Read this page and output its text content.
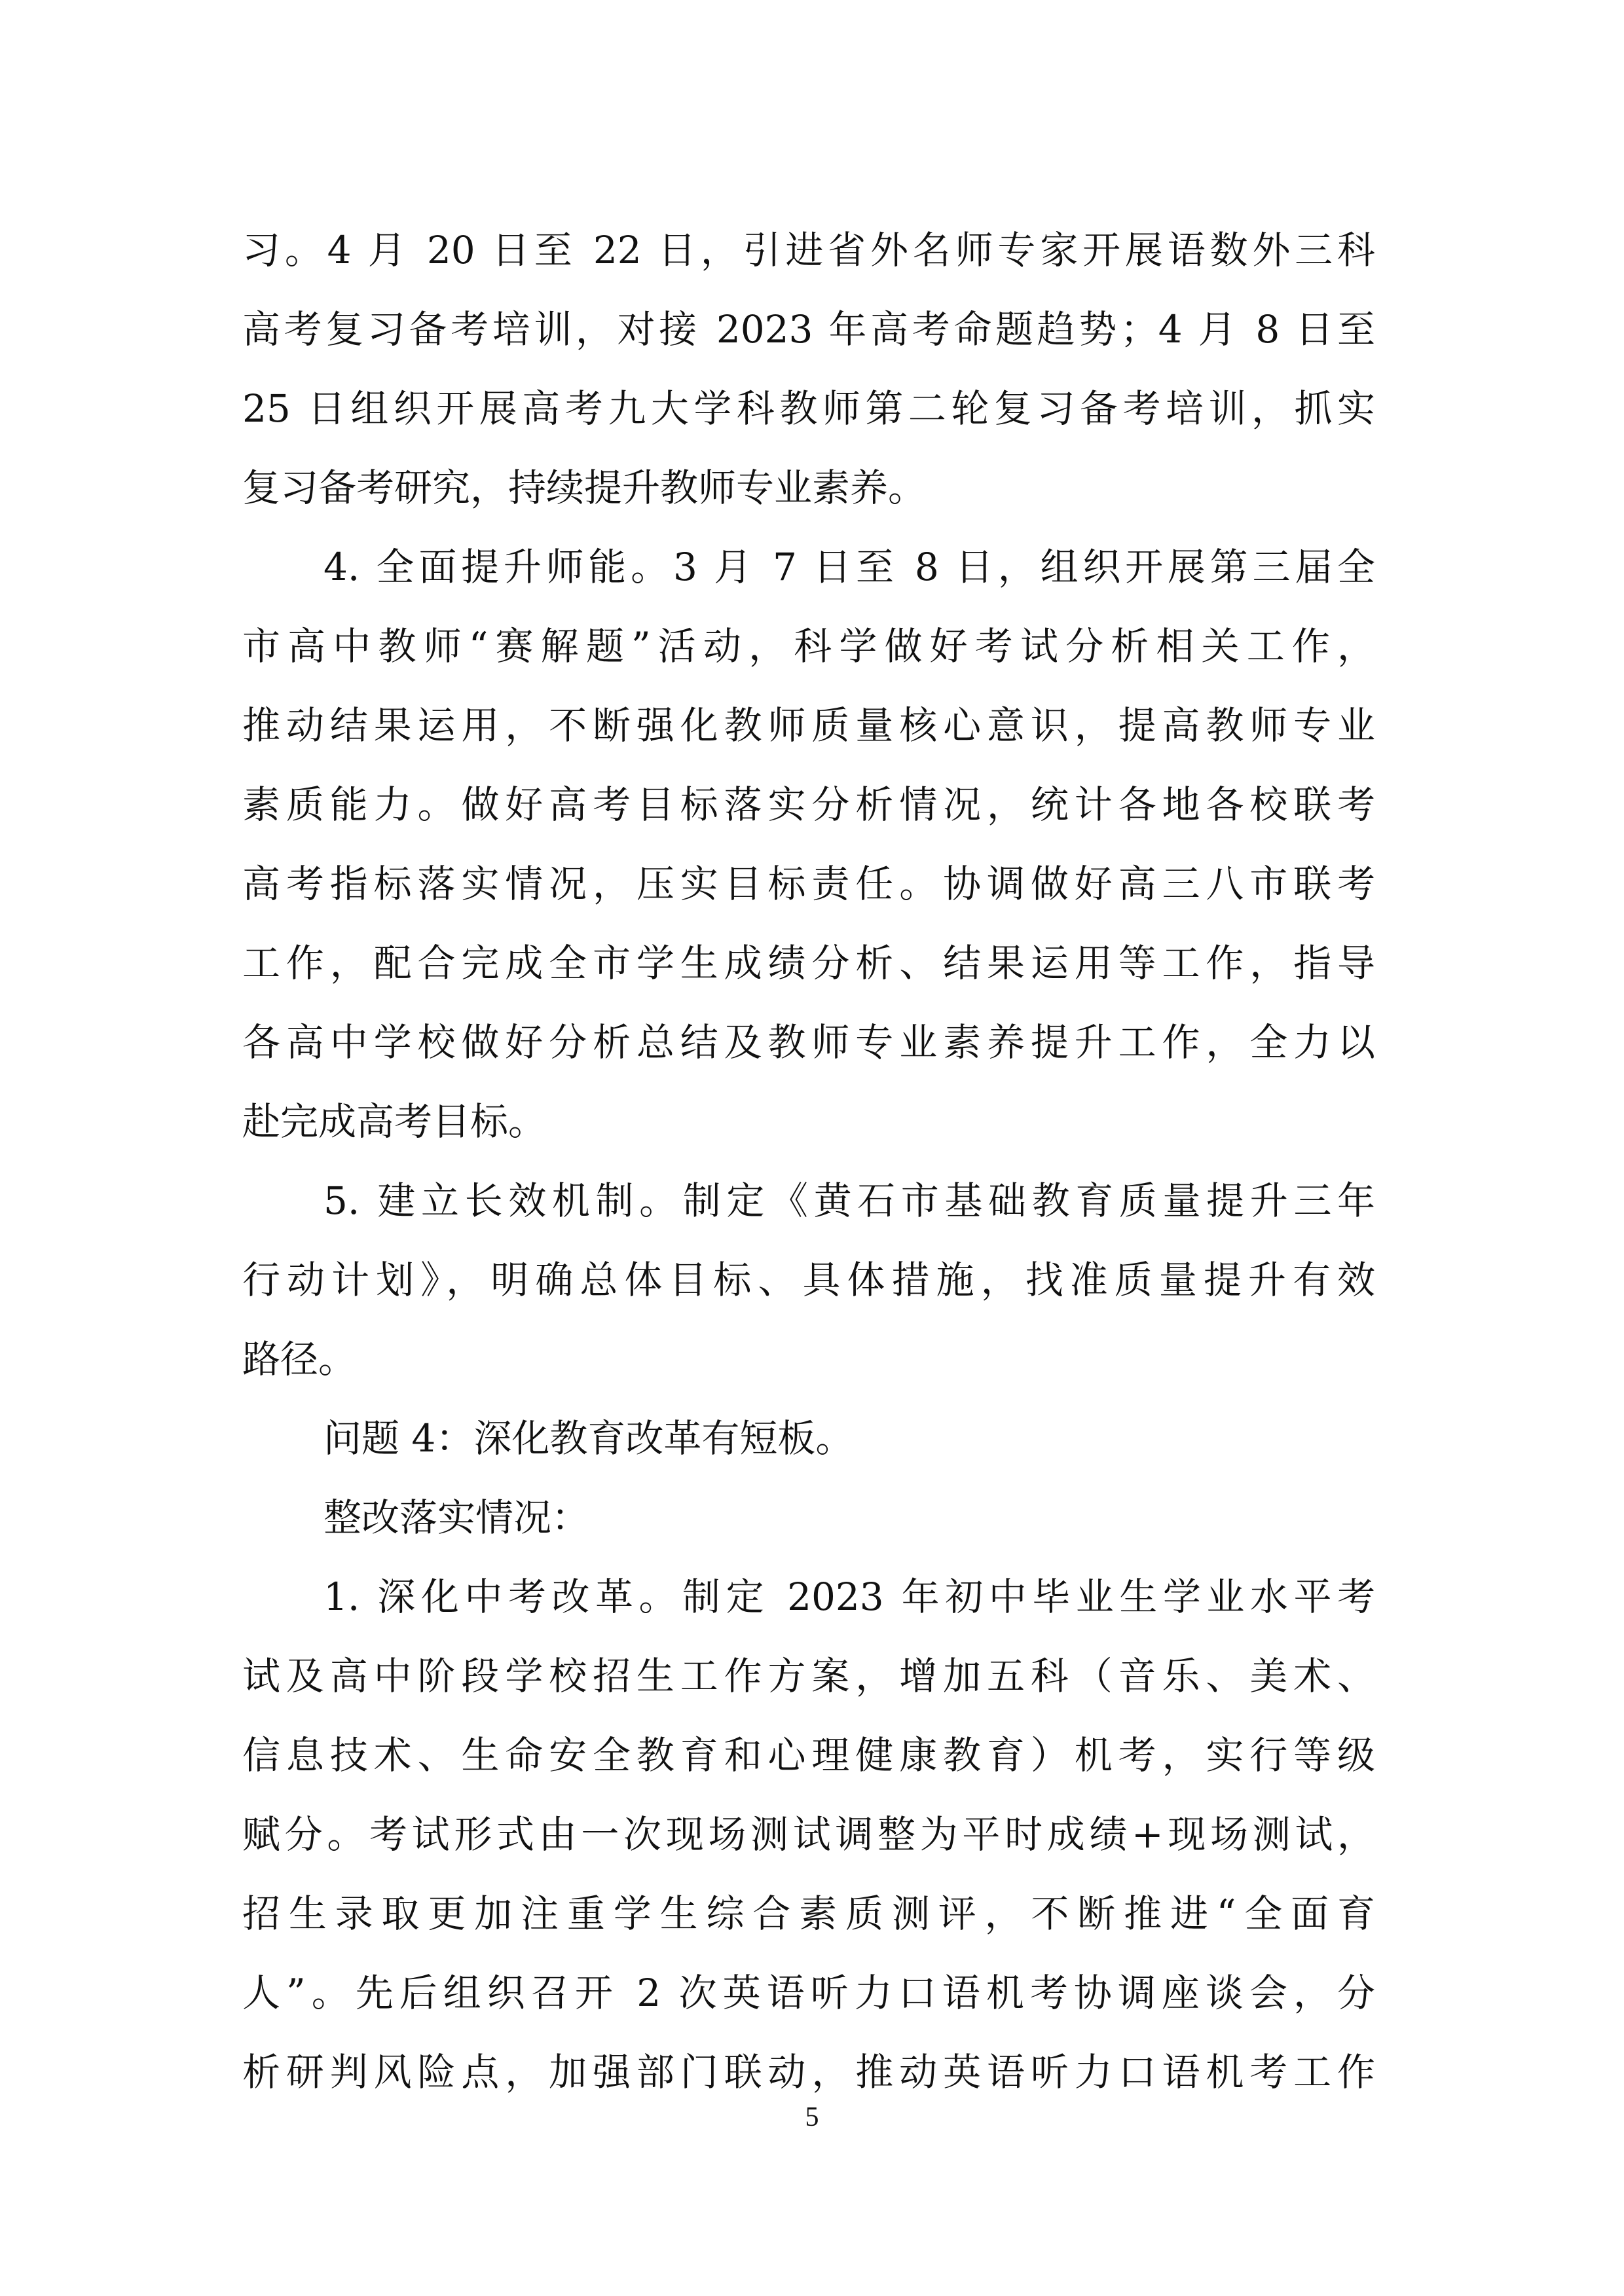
习。4 月 20 日至 22 日，引进省外名师专家开展语数外三科
高考复习备考培训，对接 2023 年高考命题趋势；4 月 8 日至
25 日组织开展高考九大学科教师第二轮复习备考培训，抓实
复习备考研究，持续提升教师专业素养。
4. 全面提升师能。3 月 7 日至 8 日，组织开展第三届全
市高中教师“赛解题”活动，科学做好考试分析相关工作，
推动结果运用，不断强化教师质量核心意识，提高教师专业
素质能力。做好高考目标落实分析情况，统计各地各校联考
高考指标落实情况，压实目标责任。协调做好高三八市联考
工作，配合完成全市学生成绩分析、结果运用等工作，指导
各高中学校做好分析总结及教师专业素养提升工作，全力以
赴完成高考目标。
5. 建立长效机制。制定《黄石市基础教育质量提升三年
行动计划》，明确总体目标、具体措施，找准质量提升有效
路径。
问题 4：深化教育改革有短板。
整改落实情况：
1. 深化中考改革。制定 2023 年初中毕业生学业水平考
试及高中阶段学校招生工作方案，增加五科（音乐、美术、
信息技术、生命安全教育和心理健康教育）机考，实行等级
赋分。考试形式由一次现场测试调整为平时成绩+现场测试，
招生录取更加注重学生综合素质测评，不断推进“全面育
人”。先后组织召开 2 次英语听力口语机考协调座谈会，分
析研判风险点，加强部门联动，推动英语听力口语机考工作
5
